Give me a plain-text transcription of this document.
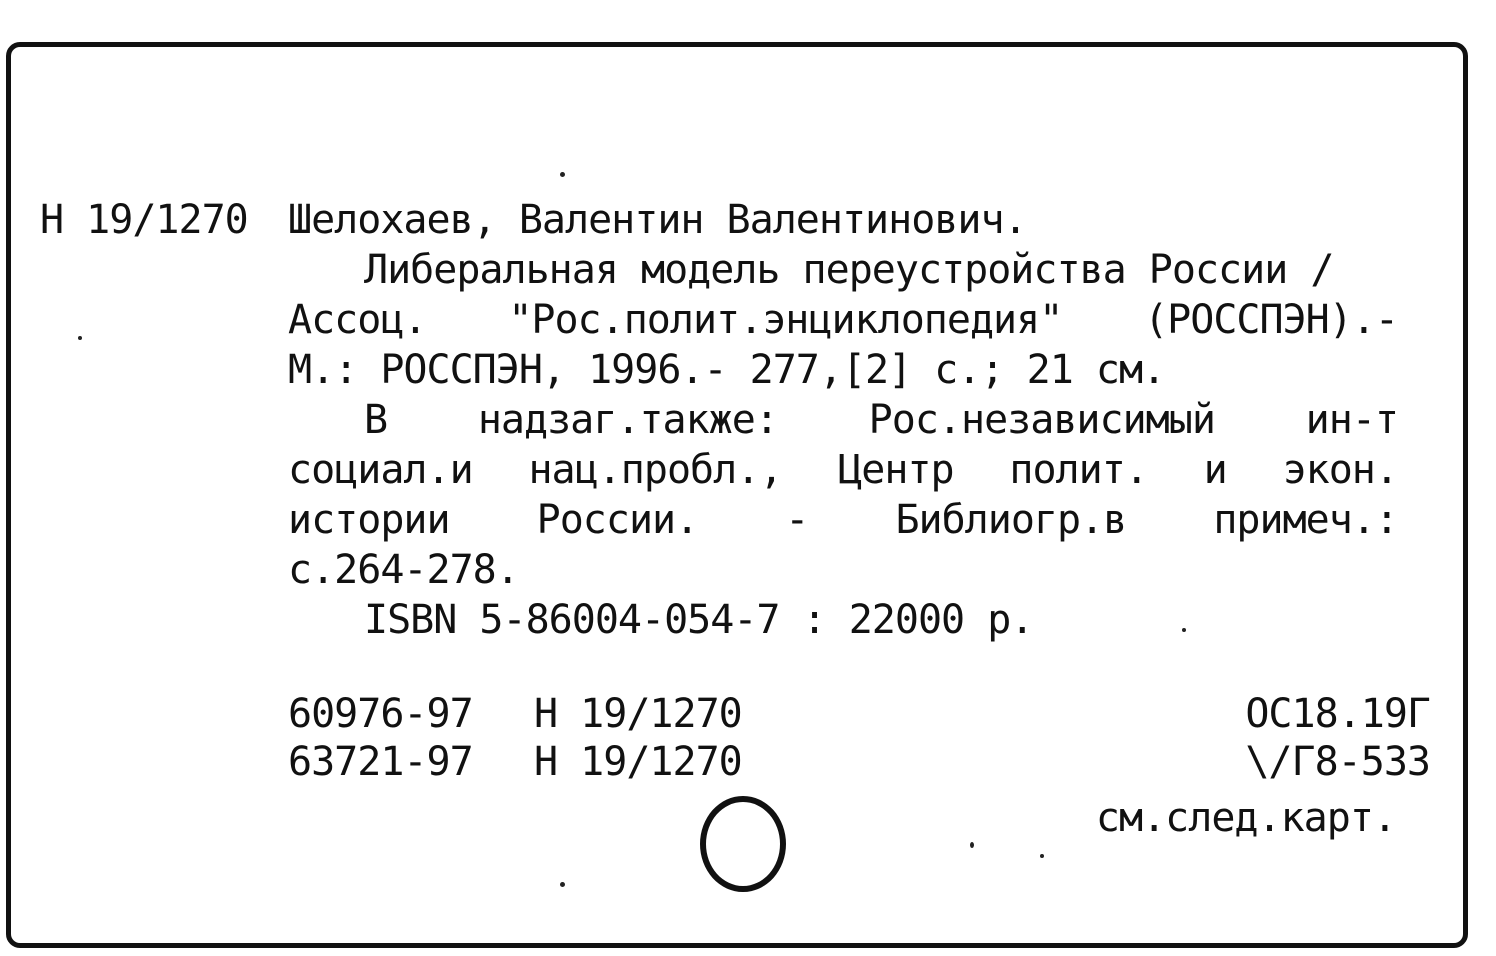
Н 19/1270 Шелохаев, Валентин Валентинович.
Либеральная модель переустройства России /
Ассоц. "Рос.полит.энциклопедия" (РОССПЭН).-
М.: РОССПЭН, 1996.- 277,[2] с.; 21 см.
В надзаг.также: Рос.независимый ин-т
социал.и нац.пробл., Центр полит. и экон.
истории России. - Библиогр.в примеч.:
с.264-278.
ISBN 5-86004-054-7 : 22000 р.
60976-97 Н 19/1270
63721-97 Н 19/1270
ОС18.19Г
\/Г8-533
см.след.карт.
